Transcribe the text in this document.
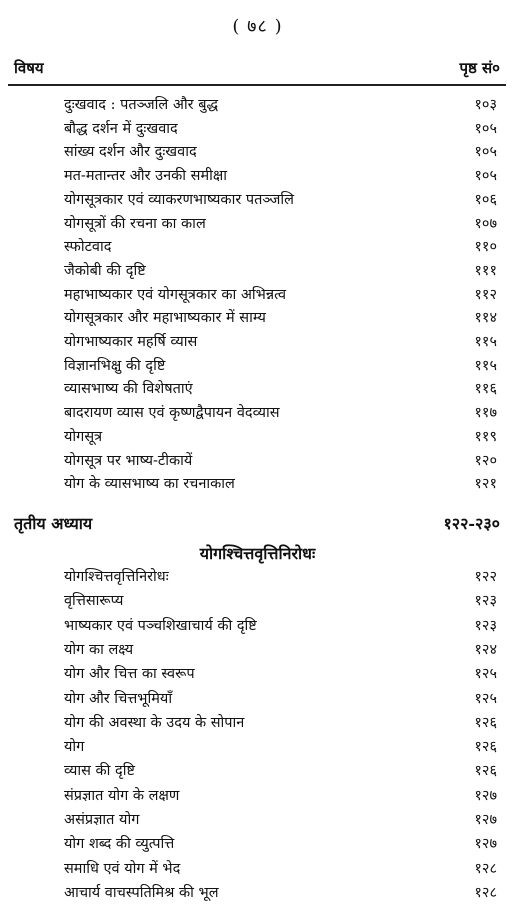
( ७८ )
विषय	पृष्ठ सं०
दुःखवाद : पतञ्जलि और बुद्ध	१०३
बौद्ध दर्शन में दुःखवाद	१०५
सांख्य दर्शन और दुःखवाद	१०५
मत-मतान्तर और उनकी समीक्षा	१०५
योगसूत्रकार एवं व्याकरणभाष्यकार पतञ्जलि	१०६
योगसूत्रों की रचना का काल	१०७
स्फोटवाद	११०
जैकोबी की दृष्टि	१११
महाभाष्यकार एवं योगसूत्रकार का अभिन्नत्व	११२
योगसूत्रकार और महाभाष्यकार में साम्य	११४
योगभाष्यकार महर्षि व्यास	११५
विज्ञानभिक्षु की दृष्टि	११५
व्यासभाष्य की विशेषताएं	११६
बादरायण व्यास एवं कृष्णद्वैपायन वेदव्यास	११७
योगसूत्र	११९
योगसूत्र पर भाष्य-टीकायें	१२०
योग के व्यासभाष्य का रचनाकाल	१२१
तृतीय अध्याय	१२२-२३०
योगश्चित्तवृत्तिनिरोधः
योगश्चित्तवृत्तिनिरोधः	१२२
वृत्तिसारूप्य	१२३
भाष्यकार एवं पञ्चशिखाचार्य की दृष्टि	१२३
योग का लक्ष्य	१२४
योग और चित्त का स्वरूप	१२५
योग और चित्तभूमियाँ	१२५
योग की अवस्था के उदय के सोपान	१२६
योग	१२६
व्यास की दृष्टि	१२६
संप्रज्ञात योग के लक्षण	१२७
असंप्रज्ञात योग	१२७
योग शब्द की व्युत्पत्ति	१२७
समाधि एवं योग में भेद	१२८
आचार्य वाचस्पतिमिश्र की भूल	१२८
